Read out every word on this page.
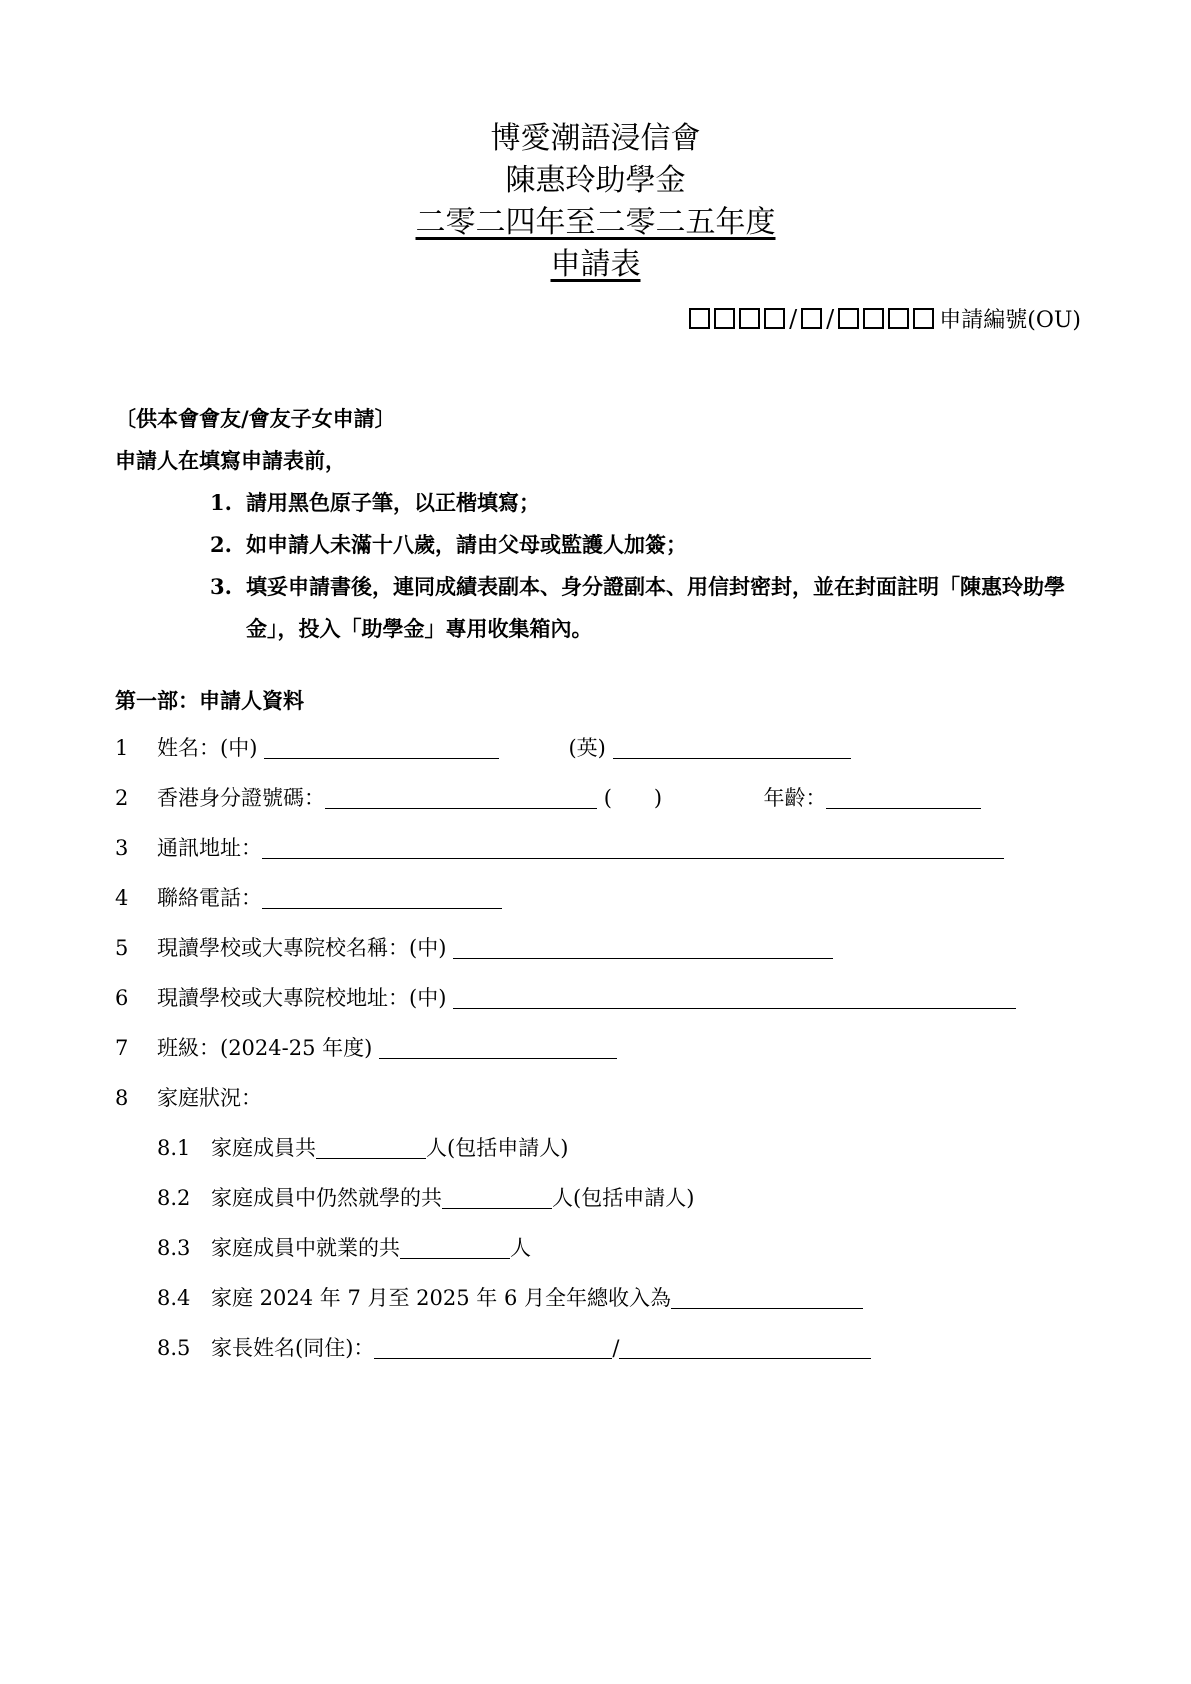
博愛潮語浸信會
陳惠玲助學金
二零二四年至二零二五年度
申請表
/ /	申請編號(OU)
〔供本會會友/會友子女申請〕
申請人在填寫申請表前，
1. 請用黑色原子筆，以正楷填寫；
2. 如申請人未滿十八歲，請由父母或監護人加簽；
3. 填妥申請書後，連同成績表副本、身分證副本、用信封密封，並在封面註明「陳惠玲助學金」，投入「助學金」專用收集箱內。
第一部：申請人資料
1 姓名：(中)	(英)
2 香港身分證號碼：	(　　)	年齡：
3 通訊地址：
4 聯絡電話：
5 現讀學校或大專院校名稱：(中)
6 現讀學校或大專院校地址：(中)
7 班級：(2024-25 年度)
8 家庭狀況：
8.1 家庭成員共	人(包括申請人)
8.2 家庭成員中仍然就學的共	人(包括申請人)
8.3 家庭成員中就業的共	人
8.4 家庭 2024 年 7 月至 2025 年 6 月全年總收入為
8.5 家長姓名(同住)：	/
